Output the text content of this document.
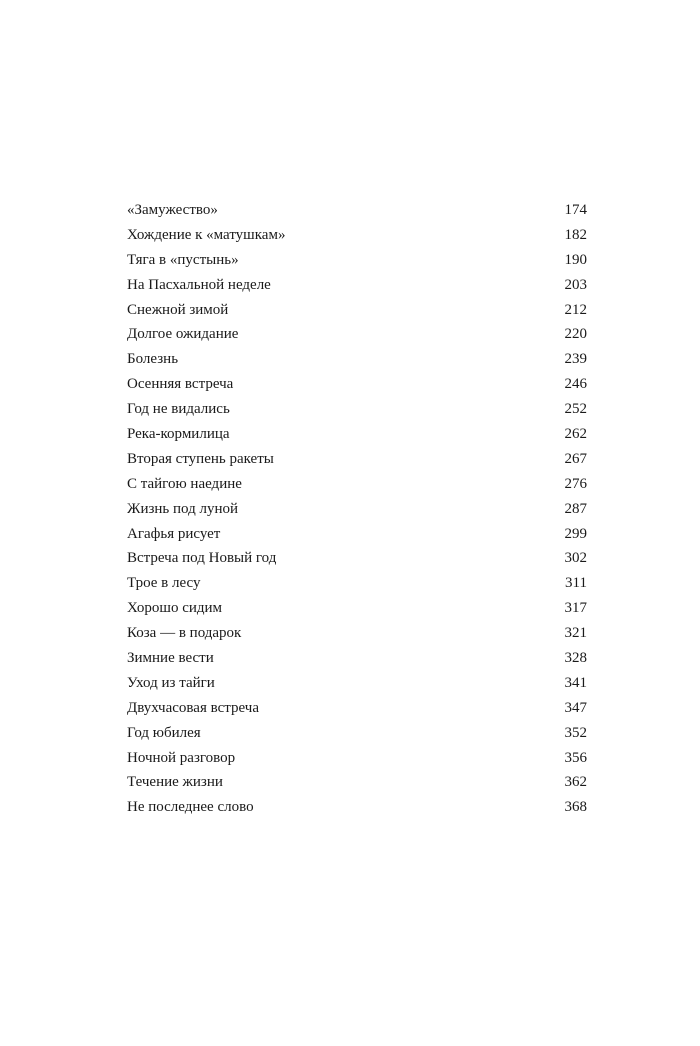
«Замужество»	174
Хождение к «матушкам»	182
Тяга в «пустынь»	190
На Пасхальной неделе	203
Снежной зимой	212
Долгое ожидание	220
Болезнь	239
Осенняя встреча	246
Год не видались	252
Река-кормилица	262
Вторая ступень ракеты	267
С тайгою наедине	276
Жизнь под луной	287
Агафья рисует	299
Встреча под Новый год	302
Трое в лесу	311
Хорошо сидим	317
Коза — в подарок	321
Зимние вести	328
Уход из тайги	341
Двухчасовая встреча	347
Год юбилея	352
Ночной разговор	356
Течение жизни	362
Не последнее слово	368
